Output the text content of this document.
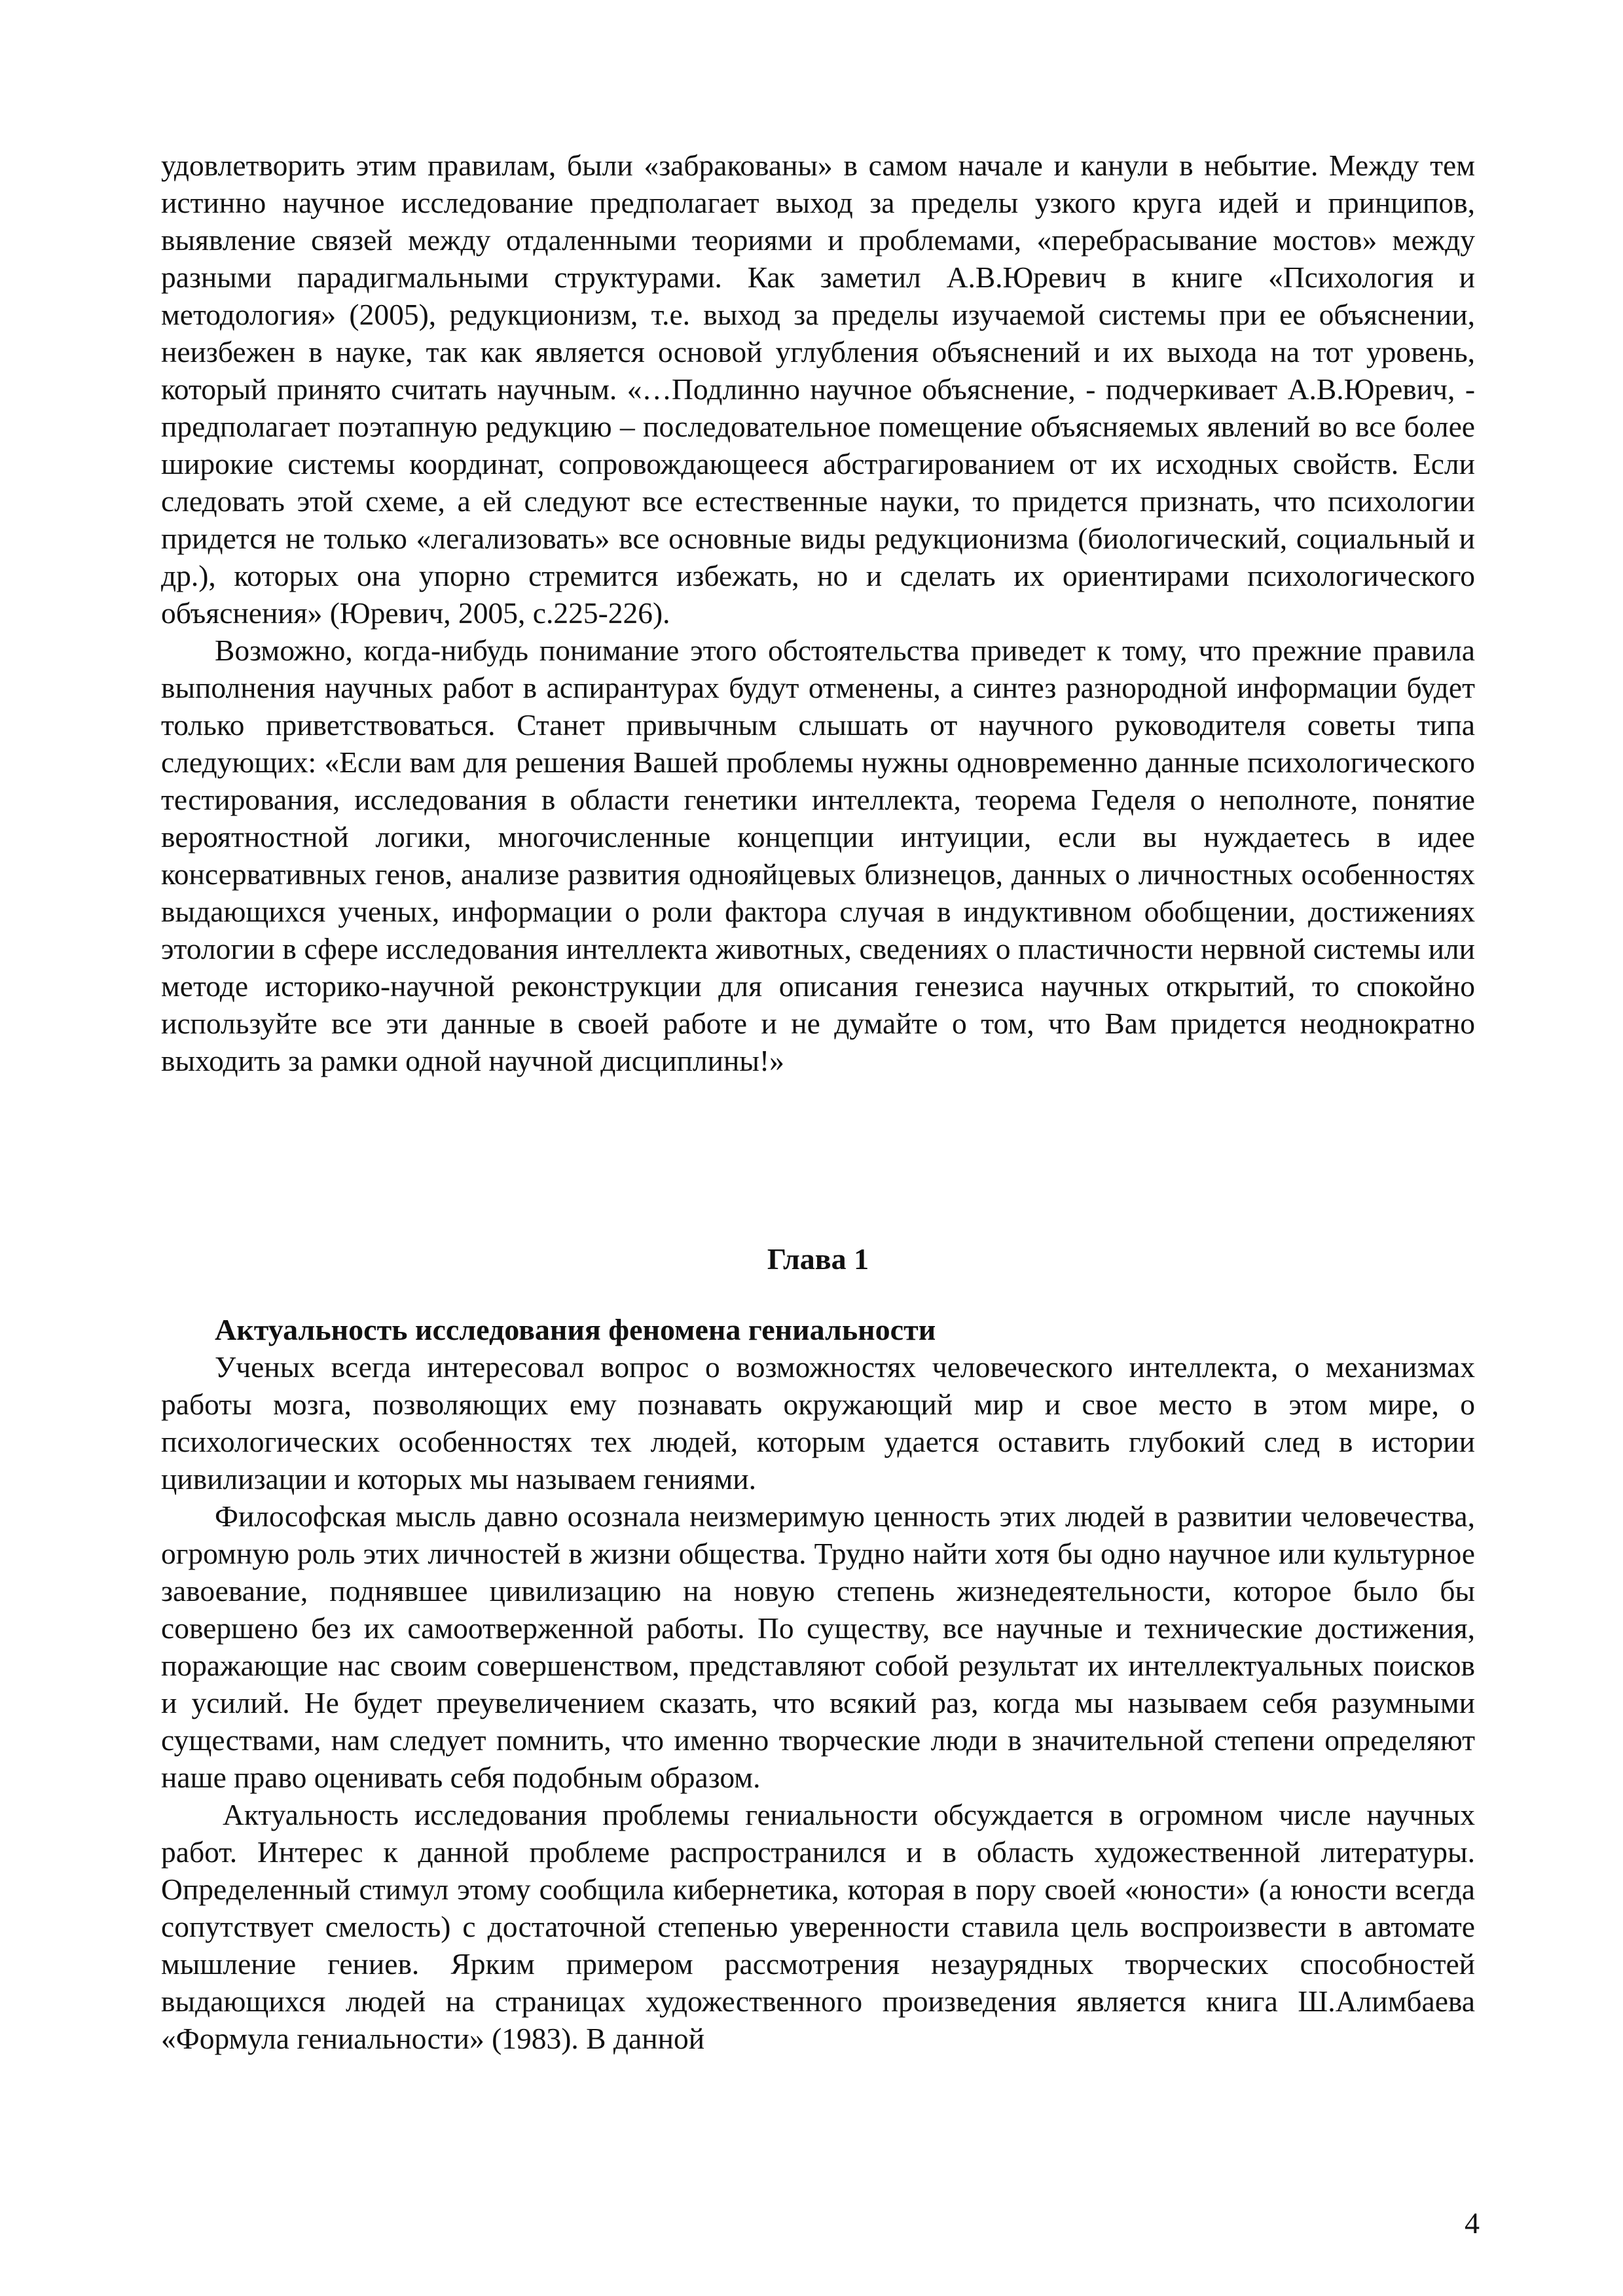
удовлетворить этим правилам, были «забракованы» в самом начале и канули в небытие. Между тем истинно научное исследование предполагает выход за пределы узкого круга идей и принципов, выявление связей между отдаленными теориями и проблемами, «перебрасывание мостов» между разными парадигмальными структурами. Как заметил А.В.Юревич в книге «Психология и методология» (2005), редукционизм, т.е. выход за пределы изучаемой системы при ее объяснении, неизбежен в науке, так как является основой углубления объяснений и их выхода на тот уровень, который принято считать научным. «…Подлинно научное объяснение, - подчеркивает А.В.Юревич, - предполагает поэтапную редукцию – последовательное помещение объясняемых явлений во все более широкие системы координат, сопровождающееся абстрагированием от их исходных свойств. Если следовать этой схеме, а ей следуют все естественные науки, то придется признать, что психологии придется не только «легализовать» все основные виды редукционизма (биологический, социальный и др.), которых она упорно стремится избежать, но и сделать их ориентирами психологического объяснения» (Юревич, 2005, с.225-226).

Возможно, когда-нибудь понимание этого обстоятельства приведет к тому, что прежние правила выполнения научных работ в аспирантурах будут отменены, а синтез разнородной информации будет только приветствоваться. Станет привычным слышать от научного руководителя советы типа следующих: «Если вам для решения Вашей проблемы нужны одновременно данные психологического тестирования, исследования в области генетики интеллекта, теорема Геделя о неполноте, понятие вероятностной логики, многочисленные концепции интуиции, если вы нуждаетесь в идее консервативных генов, анализе развития однояйцевых близнецов, данных о личностных особенностях выдающихся ученых, информации о роли фактора случая в индуктивном обобщении, достижениях этологии в сфере исследования интеллекта животных, сведениях о пластичности нервной системы или методе историко-научной реконструкции для описания генезиса научных открытий, то спокойно используйте все эти данные в своей работе и не думайте о том, что Вам придется неоднократно выходить за рамки одной научной дисциплины!»

Глава 1
Актуальность исследования феномена гениальности

Ученых всегда интересовал вопрос о возможностях человеческого интеллекта, о механизмах работы мозга, позволяющих ему познавать окружающий мир и свое место в этом мире, о психологических особенностях тех людей, которым удается оставить глубокий след в истории цивилизации и которых мы называем гениями.

Философская мысль давно осознала неизмеримую ценность этих людей в развитии человечества, огромную роль этих личностей в жизни общества. Трудно найти хотя бы одно научное или культурное завоевание, поднявшее цивилизацию на новую степень жизнедеятельности, которое было бы совершено без их самоотверженной работы. По существу, все научные и технические достижения, поражающие нас своим совершенством, представляют собой результат их интеллектуальных поисков и усилий. Не будет преувеличением сказать, что всякий раз, когда мы называем себя разумными существами, нам следует помнить, что именно творческие люди в значительной степени определяют наше право оценивать себя подобным образом.

Актуальность исследования проблемы гениальности обсуждается в огромном числе научных работ. Интерес к данной проблеме распространился и в область художественной литературы. Определенный стимул этому сообщила кибернетика, которая в пору своей «юности» (а юности всегда сопутствует смелость) с достаточной степенью уверенности ставила цель воспроизвести в автомате мышление гениев. Ярким примером рассмотрения незаурядных творческих способностей выдающихся людей на страницах художественного произведения является книга Ш.Алимбаева «Формула гениальности» (1983). В данной

4
